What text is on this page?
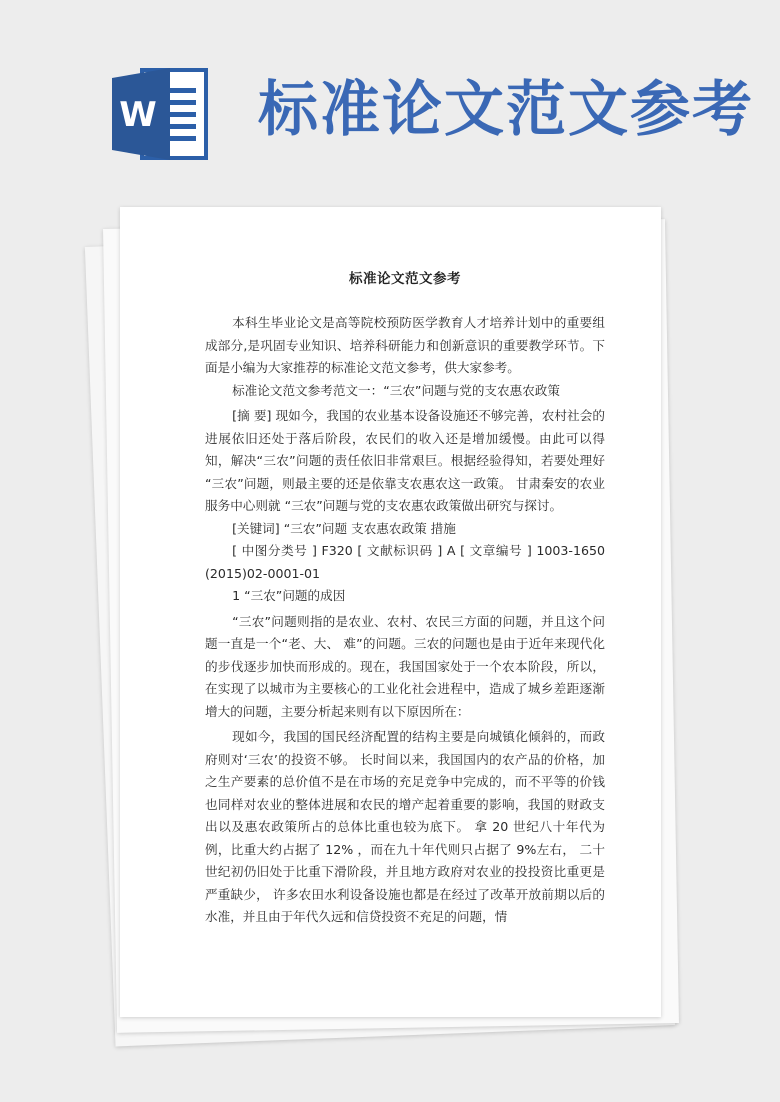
W 标准论文范文参考
标准论文范文参考

本科生毕业论文是高等院校预防医学教育人才培养计划中的重要组成部分,是巩固专业知识、培养科研能力和创新意识的重要教学环节。下面是小编为大家推荐的标准论文范文参考，供大家参考。

标准论文范文参考范文一：“三农”问题与党的支农惠农政策

[摘 要] 现如今，我国的农业基本设备设施还不够完善，农村社会的进展依旧还处于落后阶段，农民们的收入还是增加缓慢。由此可以得知，解决“三农”问题的责任依旧非常艰巨。根据经验得知，若要处理好 “三农”问题，则最主要的还是依靠支农惠农这一政策。 甘肃秦安的农业服务中心则就 “三农”问题与党的支农惠农政策做出研究与探讨。

[关键词] “三农”问题 支农惠农政策 措施

[ 中图分类号 ] F320 [ 文献标识码 ] A [ 文章编号 ] 1003-1650 (2015)02-0001-01

1 “三农”问题的成因

“三农”问题则指的是农业、农村、农民三方面的问题，并且这个问题一直是一个“老、大、 难”的问题。三农的问题也是由于近年来现代化的步伐逐步加快而形成的。现在，我国国家处于一个农本阶段，所以，在实现了以城市为主要核心的工业化社会进程中，造成了城乡差距逐渐增大的问题，主要分析起来则有以下原因所在：

现如今，我国的国民经济配置的结构主要是向城镇化倾斜的，而政府则对‘三农’的投资不够。 长时间以来，我国国内的农产品的价格，加之生产要素的总价值不是在市场的充足竞争中完成的，而不平等的价钱也同样对农业的整体进展和农民的增产起着重要的影响，我国的财政支出以及惠农政策所占的总体比重也较为底下。 拿 20 世纪八十年代为例，比重大约占据了 12% ，而在九十年代则只占据了 9%左右， 二十世纪初仍旧处于比重下滑阶段，并且地方政府对农业的投投资比重更是严重缺少， 许多农田水利设备设施也都是在经过了改革开放前期以后的水准，并且由于年代久远和信贷投资不充足的问题，情
